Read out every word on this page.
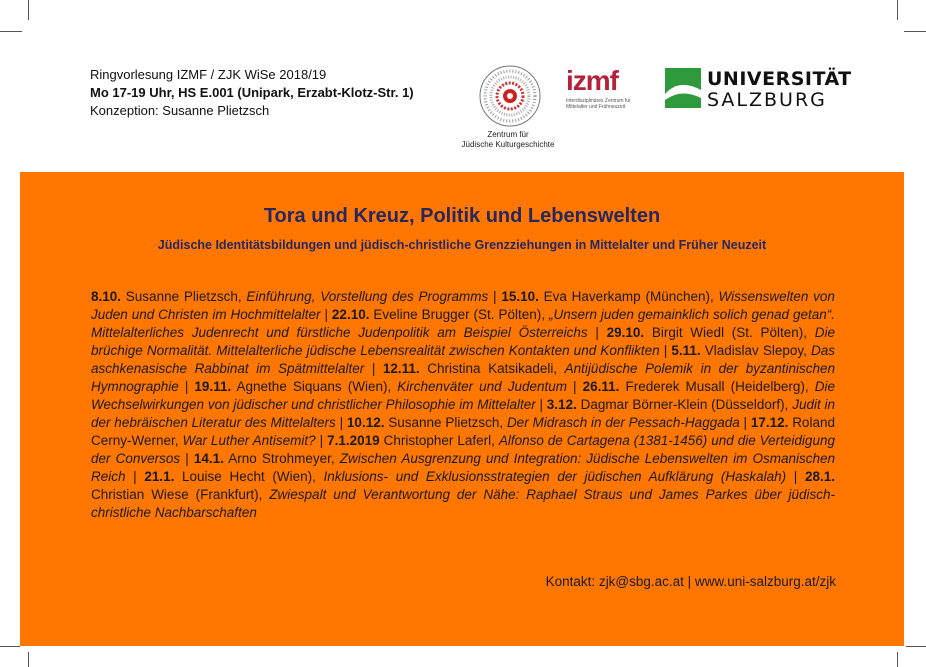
Ringvorlesung IZMF / ZJK WiSe 2018/19
Mo 17-19 Uhr, HS E.001 (Unipark, Erzabt-Klotz-Str. 1)
Konzeption: Susanne Plietzsch
Zentrum für
Jüdische Kulturgeschichte
izmf
Interdisziplinäres Zentrum für
Mittelalter und Frühneuzeit
UNIVERSITÄT
SALZBURG
Tora und Kreuz, Politik und Lebenswelten
Jüdische Identitätsbildungen und jüdisch-christliche Grenzziehungen in Mittelalter und Früher Neuzeit
8.10. Susanne Plietzsch, Einführung, Vorstellung des Programms | 15.10. Eva Haverkamp (München), Wissenswelten von Juden und Christen im Hochmittelalter | 22.10. Eveline Brugger (St. Pölten), „Unsern juden gemainklich solich genad getan“. Mittelalterliches Judenrecht und fürstliche Judenpolitik am Beispiel Österreichs | 29.10. Birgit Wiedl (St. Pölten), Die brüchige Normalität. Mittelalterliche jüdische Lebensrealität zwischen Kontakten und Konflikten | 5.11. Vladislav Slepoy, Das aschkenasische Rabbinat im Spätmittelalter | 12.11. Christina Katsikadeli, Antijüdische Polemik in der byzantinischen Hymnographie | 19.11. Agnethe Siquans (Wien), Kirchenväter und Judentum | 26.11. Frederek Musall (Heidelberg), Die Wechselwirkungen von jüdischer und christlicher Philosophie im Mittelalter | 3.12. Dagmar Börner-Klein (Düsseldorf), Judit in der hebräischen Literatur des Mittelalters | 10.12. Susanne Plietzsch, Der Midrasch in der Pessach-Haggada | 17.12. Roland Cerny-Werner, War Luther Antisemit? | 7.1.2019 Christopher Laferl, Alfonso de Cartagena (1381-1456) und die Verteidigung der Conversos | 14.1. Arno Strohmeyer, Zwischen Ausgrenzung und Integration: Jüdische Lebenswelten im Osmanischen Reich | 21.1. Louise Hecht (Wien), Inklusions- und Exklusionsstrategien der jüdischen Aufklärung (Haskalah) | 28.1. Christian Wiese (Frankfurt), Zwiespalt und Verantwortung der Nähe: Raphael Straus und James Parkes über jüdisch-christliche Nachbarschaften
Kontakt: zjk@sbg.ac.at | www.uni-salzburg.at/zjk
